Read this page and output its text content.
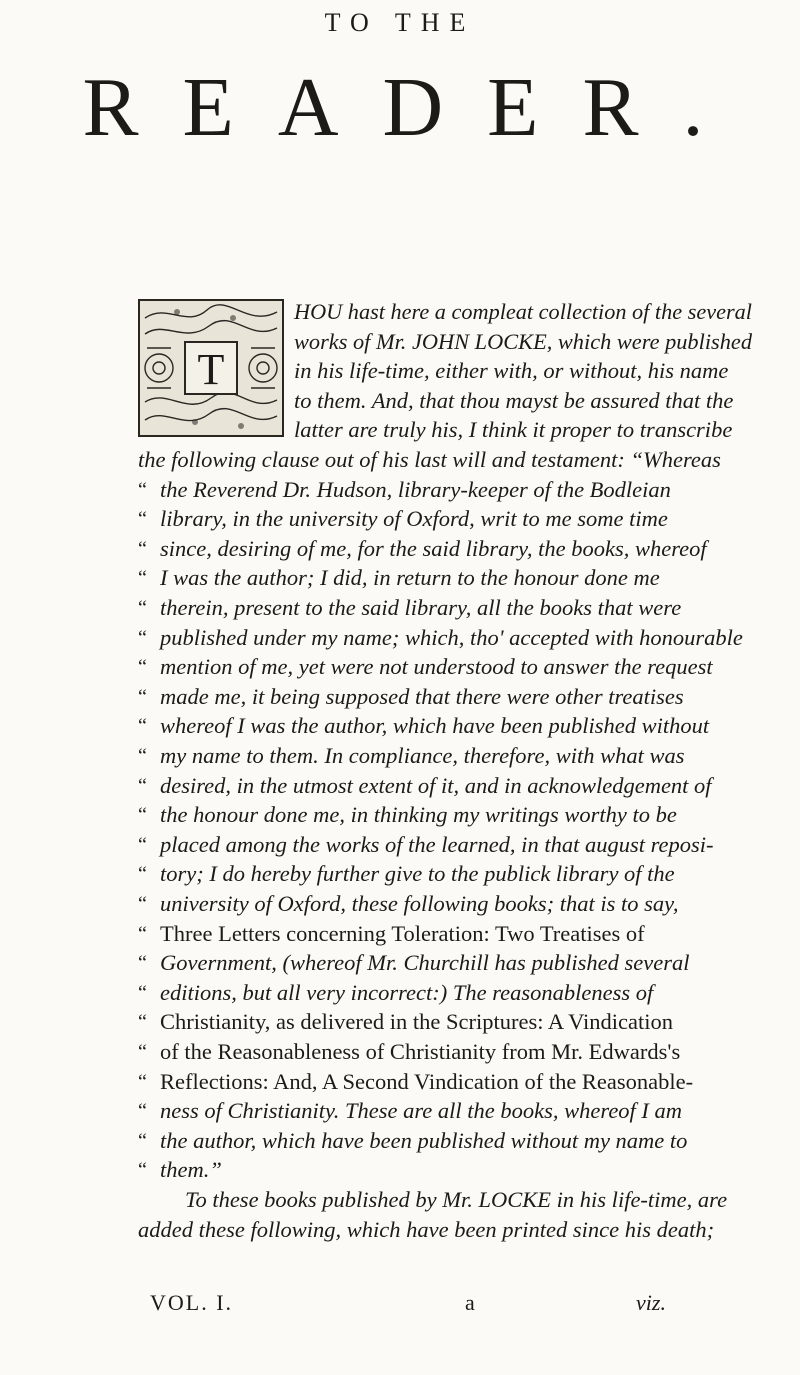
TO THE
READER.
T
HOU hast here a compleat collection of the several
works of Mr. JOHN LOCKE, which were published
in his life-time, either with, or without, his name
to them. And, that thou mayst be assured that the
latter are truly his, I think it proper to transcribe
the following clause out of his last will and testament: “Whereas
“ the Reverend Dr. Hudson, library-keeper of the Bodleian
“ library, in the university of Oxford, writ to me some time
“ since, desiring of me, for the said library, the books, whereof
“ I was the author; I did, in return to the honour done me
“ therein, present to the said library, all the books that were
“ published under my name; which, tho' accepted with honourable
“ mention of me, yet were not understood to answer the request
“ made me, it being supposed that there were other treatises
“ whereof I was the author, which have been published without
“ my name to them. In compliance, therefore, with what was
“ desired, in the utmost extent of it, and in acknowledgement of
“ the honour done me, in thinking my writings worthy to be
“ placed among the works of the learned, in that august reposi-
“ tory; I do hereby further give to the publick library of the
“ university of Oxford, these following books; that is to say,
“ Three Letters concerning Toleration: Two Treatises of
“ Government, (whereof Mr. Churchill has published several
“ editions, but all very incorrect:) The reasonableness of
“ Christianity, as delivered in the Scriptures: A Vindication
“ of the Reasonableness of Christianity from Mr. Edwards's
“ Reflections: And, A Second Vindication of the Reasonable-
“ ness of Christianity. These are all the books, whereof I am
“ the author, which have been published without my name to
“ them.”
To these books published by Mr. LOCKE in his life-time, are
added these following, which have been printed since his death;
VOL. I.	a	viz.
